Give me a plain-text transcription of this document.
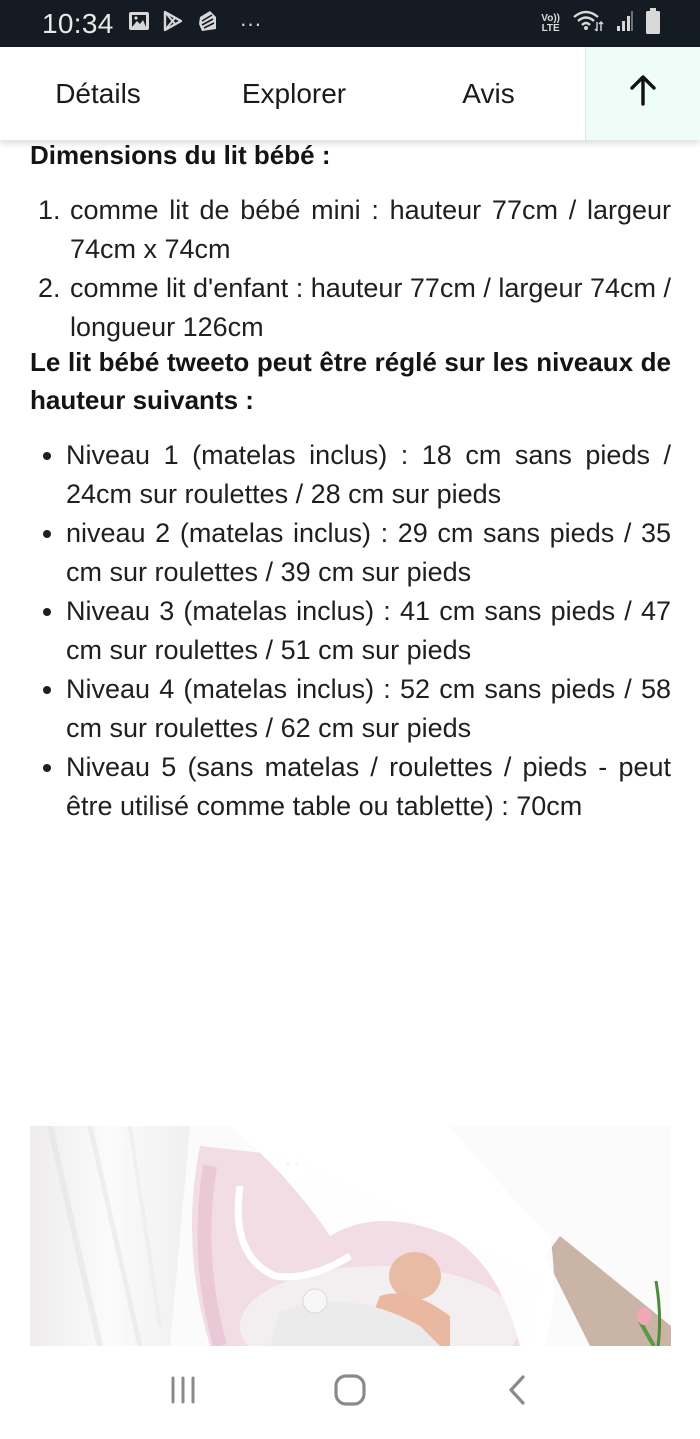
10:34	···	Vo))
LTE
Détails	Explorer	Avis
Dimensions du lit bébé :
1. comme lit de bébé mini : hauteur 77cm / largeur 74cm x 74cm
2. comme lit d'enfant : hauteur 77cm / largeur 74cm / longueur 126cm
Le lit bébé tweeto peut être réglé sur les niveaux de hauteur suivants :
• Niveau 1 (matelas inclus) : 18 cm sans pieds / 24cm sur roulettes / 28 cm sur pieds
• niveau 2 (matelas inclus) : 29 cm sans pieds / 35 cm sur roulettes / 39 cm sur pieds
• Niveau 3 (matelas inclus) : 41 cm sans pieds / 47 cm sur roulettes / 51 cm sur pieds
• Niveau 4 (matelas inclus) : 52 cm sans pieds / 58 cm sur roulettes / 62 cm sur pieds
• Niveau 5 (sans matelas / roulettes / pieds - peut être utilisé comme table ou tablette) : 70cm
